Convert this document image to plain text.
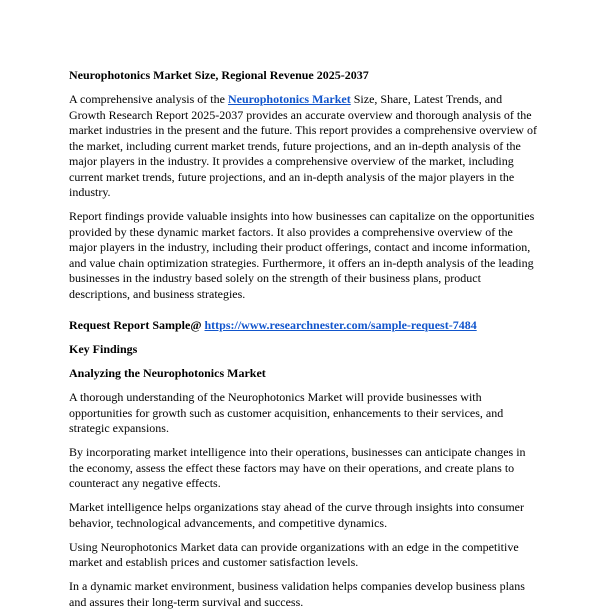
Neurophotonics Market Size, Regional Revenue 2025-2037

A comprehensive analysis of the Neurophotonics Market Size, Share, Latest Trends, and Growth Research Report 2025-2037 provides an accurate overview and thorough analysis of the market industries in the present and the future. This report provides a comprehensive overview of the market, including current market trends, future projections, and an in-depth analysis of the major players in the industry. It provides a comprehensive overview of the market, including current market trends, future projections, and an in-depth analysis of the major players in the industry.

Report findings provide valuable insights into how businesses can capitalize on the opportunities provided by these dynamic market factors. It also provides a comprehensive overview of the major players in the industry, including their product offerings, contact and income information, and value chain optimization strategies. Furthermore, it offers an in-depth analysis of the leading businesses in the industry based solely on the strength of their business plans, product descriptions, and business strategies.

Request Report Sample@ https://www.researchnester.com/sample-request-7484

Key Findings

Analyzing the Neurophotonics Market

A thorough understanding of the Neurophotonics Market will provide businesses with opportunities for growth such as customer acquisition, enhancements to their services, and strategic expansions.

By incorporating market intelligence into their operations, businesses can anticipate changes in the economy, assess the effect these factors may have on their operations, and create plans to counteract any negative effects.

Market intelligence helps organizations stay ahead of the curve through insights into consumer behavior, technological advancements, and competitive dynamics.

Using Neurophotonics Market data can provide organizations with an edge in the competitive market and establish prices and customer satisfaction levels.

In a dynamic market environment, business validation helps companies develop business plans and assures their long-term survival and success.
